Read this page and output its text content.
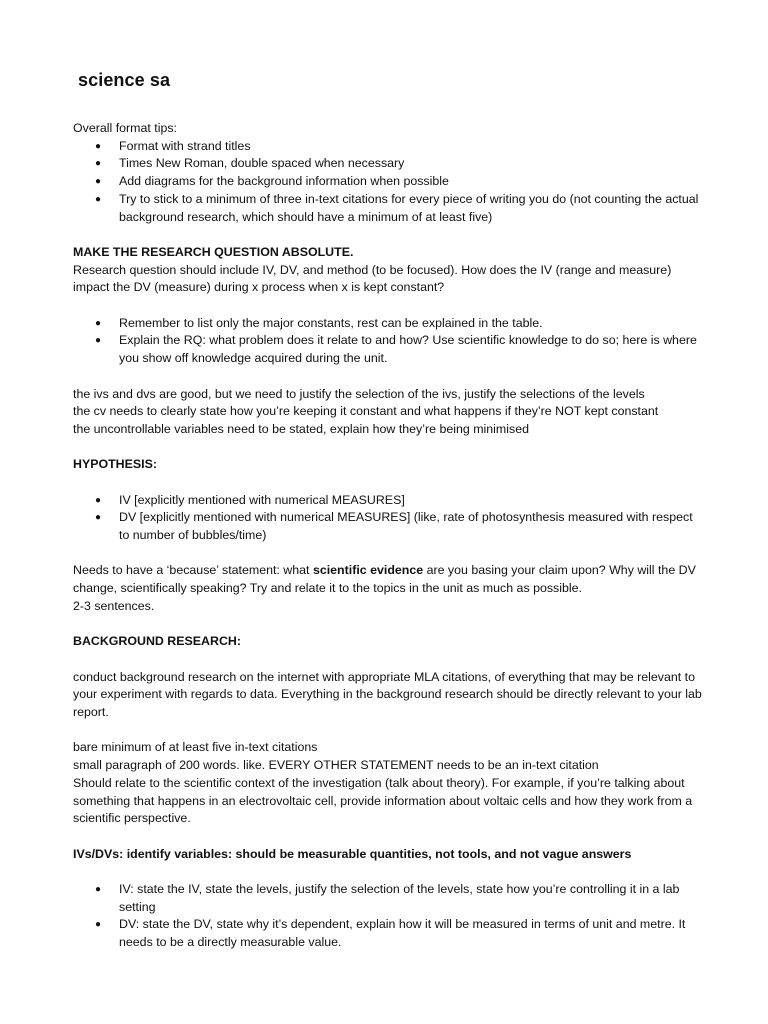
science sa

Overall format tips:

● Format with strand titles
● Times New Roman, double spaced when necessary
● Add diagrams for the background information when possible
● Try to stick to a minimum of three in-text citations for every piece of writing you do (not counting the actual background research, which should have a minimum of at least five)

MAKE THE RESEARCH QUESTION ABSOLUTE.

Research question should include IV, DV, and method (to be focused). How does the IV (range and measure) impact the DV (measure) during x process when x is kept constant?

● Remember to list only the major constants, rest can be explained in the table.
● Explain the RQ: what problem does it relate to and how? Use scientific knowledge to do so; here is where you show off knowledge acquired during the unit.

the ivs and dvs are good, but we need to justify the selection of the ivs, justify the selections of the levels

the cv needs to clearly state how you’re keeping it constant and what happens if they’re NOT kept constant

the uncontrollable variables need to be stated, explain how they’re being minimised

HYPOTHESIS:

● IV [explicitly mentioned with numerical MEASURES]
● DV [explicitly mentioned with numerical MEASURES] (like, rate of photosynthesis measured with respect to number of bubbles/time)

Needs to have a ‘because’ statement: what scientific evidence are you basing your claim upon? Why will the DV change, scientifically speaking? Try and relate it to the topics in the unit as much as possible.

2-3 sentences.

BACKGROUND RESEARCH:

conduct background research on the internet with appropriate MLA citations, of everything that may be relevant to your experiment with regards to data. Everything in the background research should be directly relevant to your lab report.

bare minimum of at least five in-text citations

small paragraph of 200 words. like. EVERY OTHER STATEMENT needs to be an in-text citation

Should relate to the scientific context of the investigation (talk about theory). For example, if you’re talking about something that happens in an electrovoltaic cell, provide information about voltaic cells and how they work from a scientific perspective.

IVs/DVs: identify variables: should be measurable quantities, not tools, and not vague answers

● IV: state the IV, state the levels, justify the selection of the levels, state how you’re controlling it in a lab setting
● DV: state the DV, state why it’s dependent, explain how it will be measured in terms of unit and metre. It needs to be a directly measurable value.
